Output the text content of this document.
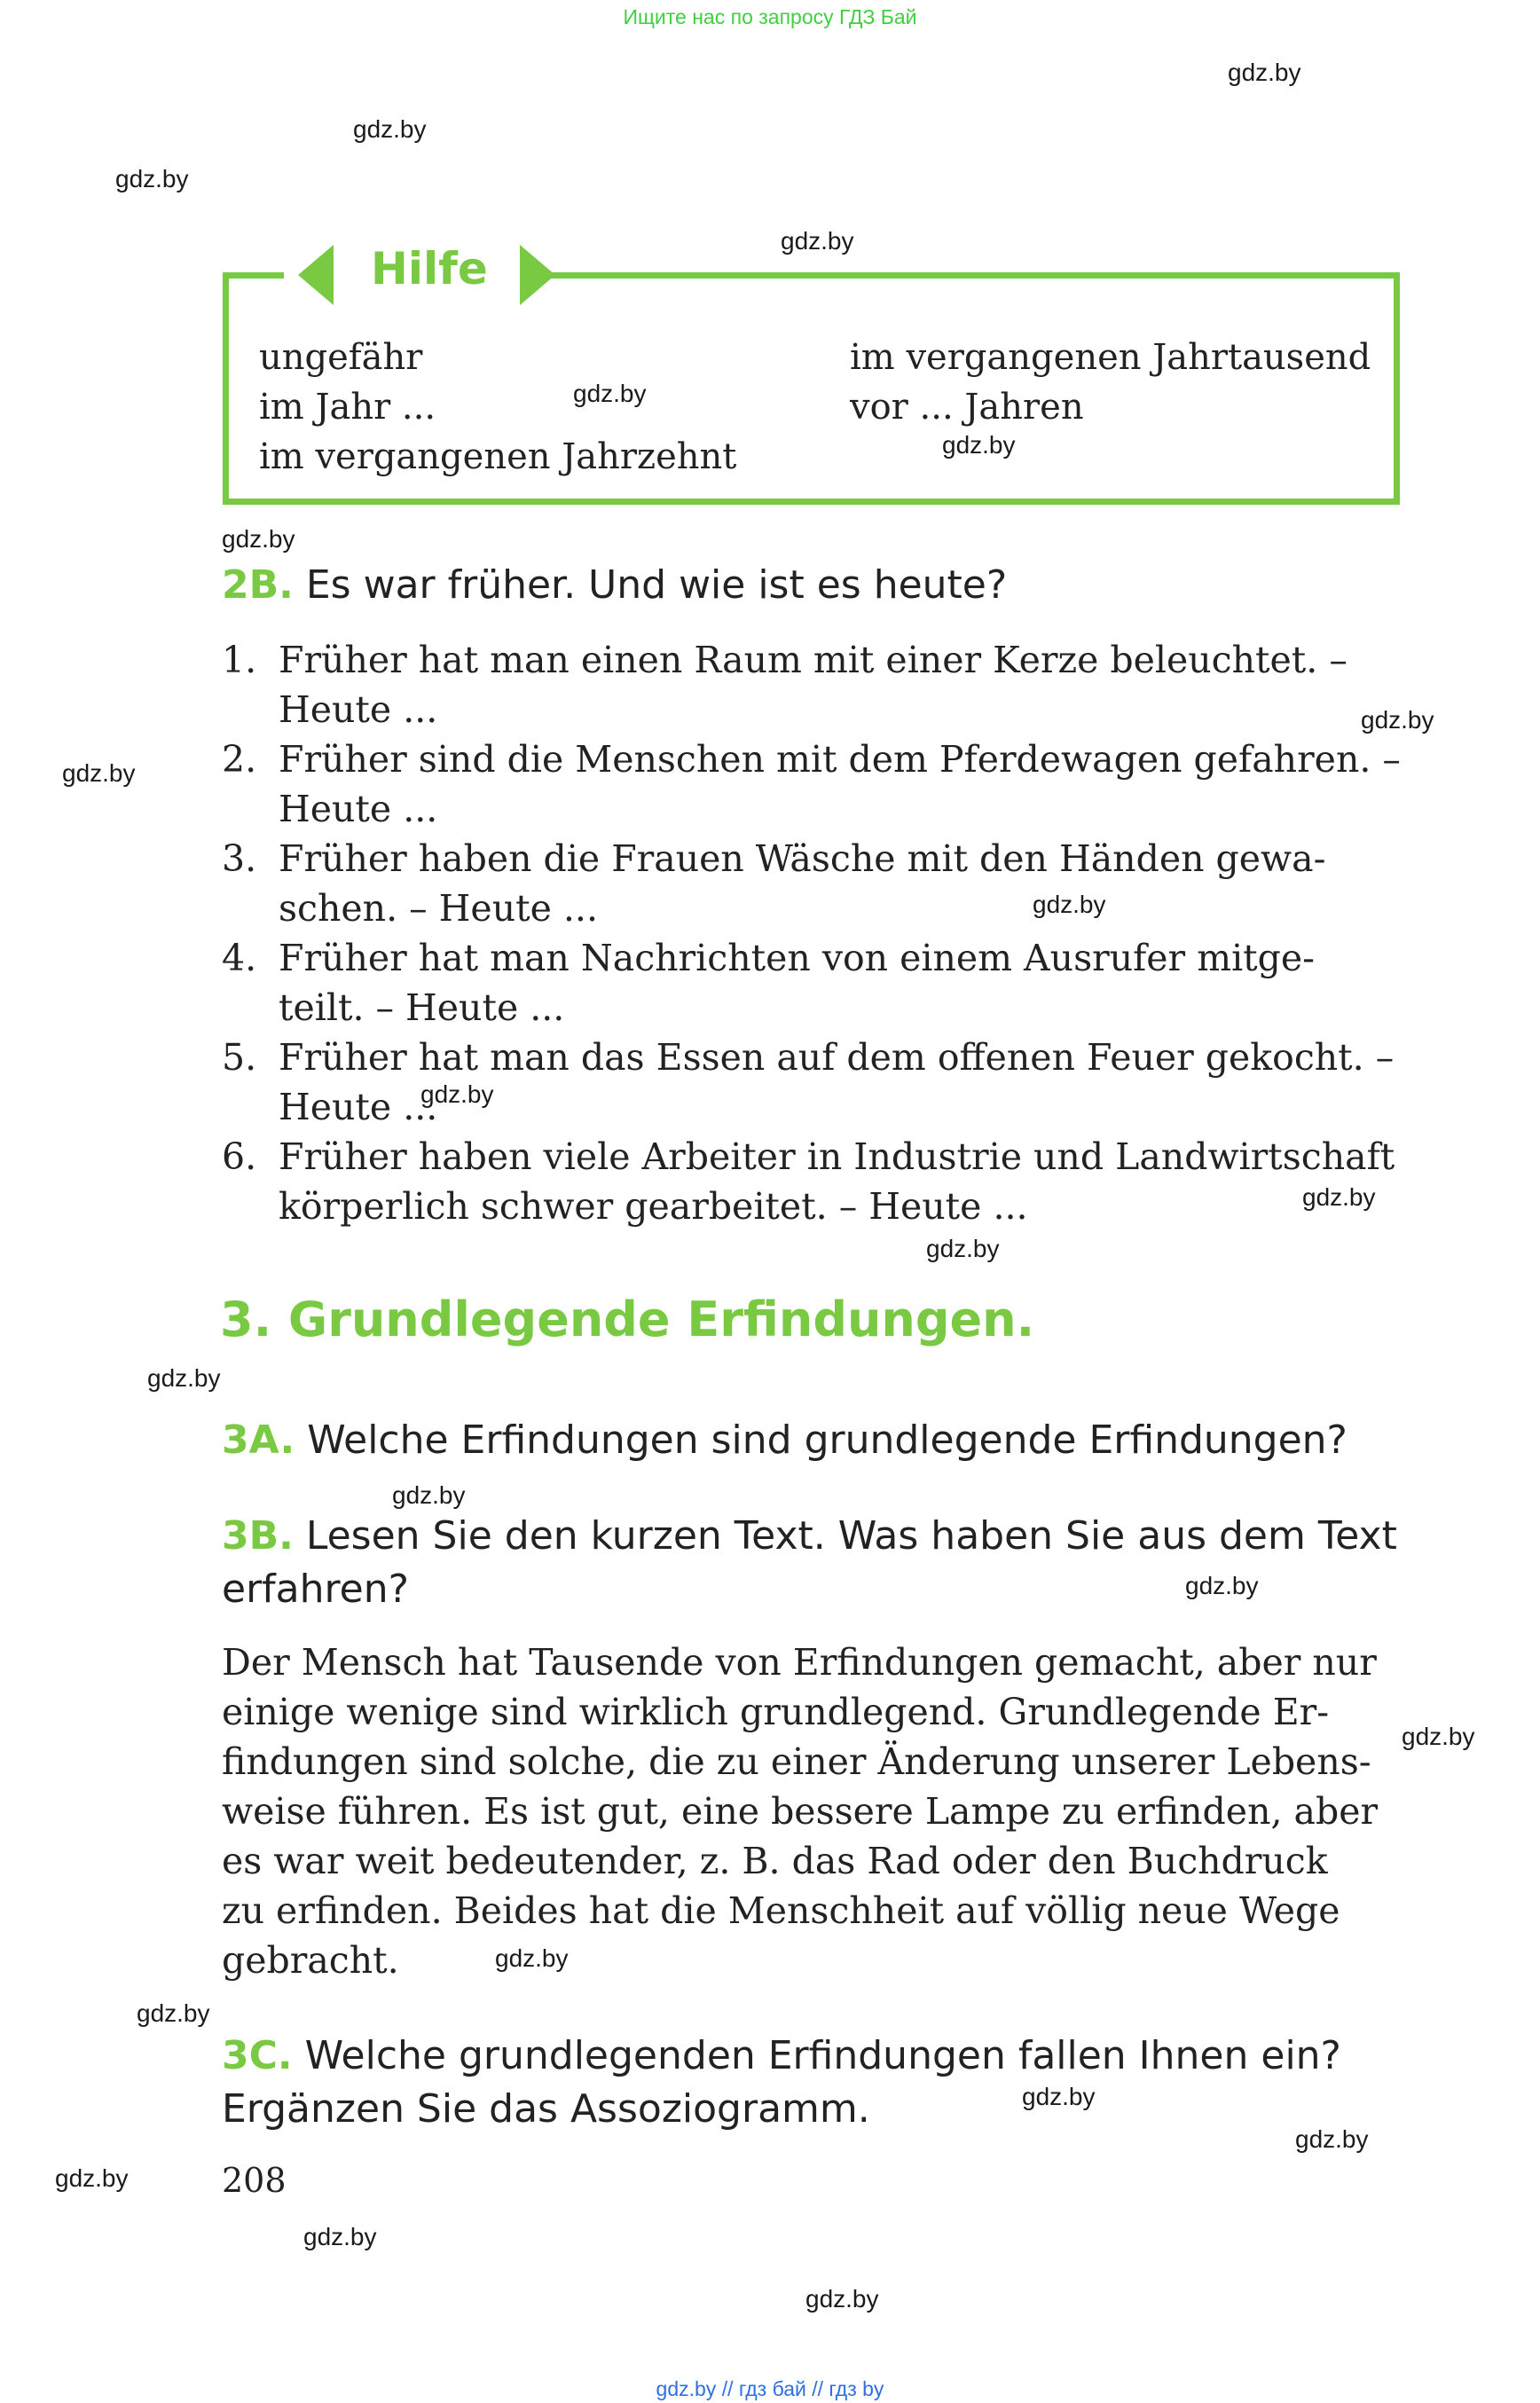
Ищите нас по запросу ГДЗ Бай
gdz.by // гдз бай // гдз by
gdz.by
gdz.by
gdz.by
gdz.by
gdz.by
gdz.by
gdz.by
gdz.by
gdz.by
gdz.by
gdz.by
gdz.by
gdz.by
gdz.by
gdz.by
gdz.by
gdz.by
gdz.by
gdz.by
gdz.by
gdz.by
gdz.by
gdz.by
gdz.by
Hilfe
ungefähr
im Jahr ...
im vergangenen Jahrzehnt
im vergangenen Jahrtausend
vor ... Jahren
2B. Es war früher. Und wie ist es heute?
1. Früher hat man einen Raum mit einer Kerze beleuchtet. –
Heute ...
2. Früher sind die Menschen mit dem Pferdewagen gefahren. –
Heute ...
3. Früher haben die Frauen Wäsche mit den Händen gewa-
schen. – Heute ...
4. Früher hat man Nachrichten von einem Ausrufer mitge-
teilt. – Heute ...
5. Früher hat man das Essen auf dem offenen Feuer gekocht. –
Heute ...
6. Früher haben viele Arbeiter in Industrie und Landwirtschaft
körperlich schwer gearbeitet. – Heute ...
3. Grundlegende Erfindungen.
3A. Welche Erfindungen sind grundlegende Erfindungen?
3B. Lesen Sie den kurzen Text. Was haben Sie aus dem Text
erfahren?
Der Mensch hat Tausende von Erfindungen gemacht, aber nur
einige wenige sind wirklich grundlegend. Grundlegende Er-
findungen sind solche, die zu einer Änderung unserer Lebens-
weise führen. Es ist gut, eine bessere Lampe zu erfinden, aber
es war weit bedeutender, z. B. das Rad oder den Buchdruck
zu erfinden. Beides hat die Menschheit auf völlig neue Wege
gebracht.
3C. Welche grundlegenden Erfindungen fallen Ihnen ein?
Ergänzen Sie das Assoziogramm.
208
